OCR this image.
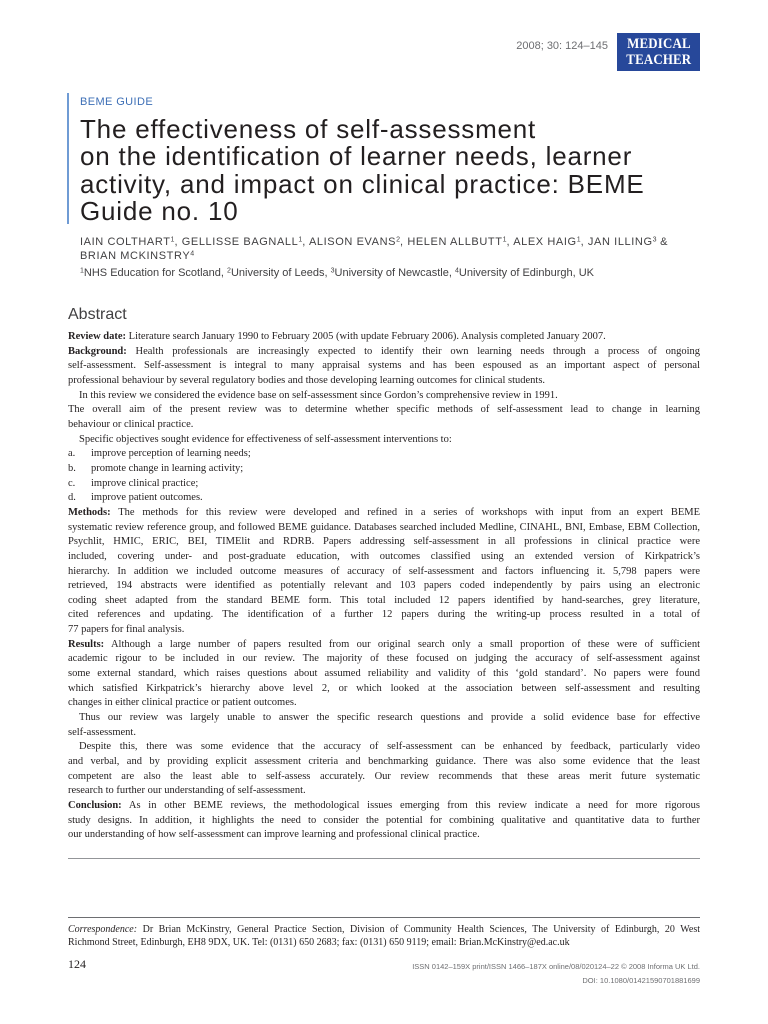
2008; 30: 124–145 MEDICAL
TEACHER
BEME GUIDE
The effectiveness of self-assessment
on the identification of learner needs, learner
activity, and impact on clinical practice: BEME
Guide no. 10
IAIN COLTHART$^1$, GELLISSE BAGNALL$^1$, ALISON EVANS$^2$, HELEN ALLBUTT$^1$, ALEX HAIG$^1$, JAN ILLING$^3$ &
BRIAN MCKINSTRY$^4$
$^1$NHS Education for Scotland, $^2$University of Leeds, $^3$University of Newcastle, $^4$University of Edinburgh, UK
Abstract
Review date: Literature search January 1990 to February 2005 (with update February 2006). Analysis completed January 2007.
Background: Health professionals are increasingly expected to identify their own learning needs through a process of ongoing
self-assessment. Self-assessment is integral to many appraisal systems and has been espoused as an important aspect of personal
professional behaviour by several regulatory bodies and those developing learning outcomes for clinical students.
In this review we considered the evidence base on self-assessment since Gordon’s comprehensive review in 1991.
The overall aim of the present review was to determine whether specific methods of self-assessment lead to change in learning
behaviour or clinical practice.
Specific objectives sought evidence for effectiveness of self-assessment interventions to:
a. improve perception of learning needs;
b. promote change in learning activity;
c. improve clinical practice;
d. improve patient outcomes.
Methods: The methods for this review were developed and refined in a series of workshops with input from an expert BEME
systematic review reference group, and followed BEME guidance. Databases searched included Medline, CINAHL, BNI, Embase, EBM Collection,
Psychlit, HMIC, ERIC, BEI, TIMElit and RDRB. Papers addressing self-assessment in all professions in clinical practice were
included, covering under- and post-graduate education, with outcomes classified using an extended version of Kirkpatrick’s
hierarchy. In addition we included outcome measures of accuracy of self-assessment and factors influencing it. 5,798 papers were
retrieved, 194 abstracts were identified as potentially relevant and 103 papers coded independently by pairs using an electronic
coding sheet adapted from the standard BEME form. This total included 12 papers identified by hand-searches, grey literature,
cited references and updating. The identification of a further 12 papers during the writing-up process resulted in a total of
77 papers for final analysis.
Results: Although a large number of papers resulted from our original search only a small proportion of these were of sufficient
academic rigour to be included in our review. The majority of these focused on judging the accuracy of self-assessment against
some external standard, which raises questions about assumed reliability and validity of this ‘gold standard’. No papers were found
which satisfied Kirkpatrick’s hierarchy above level 2, or which looked at the association between self-assessment and resulting
changes in either clinical practice or patient outcomes.
Thus our review was largely unable to answer the specific research questions and provide a solid evidence base for effective
self-assessment.
Despite this, there was some evidence that the accuracy of self-assessment can be enhanced by feedback, particularly video
and verbal, and by providing explicit assessment criteria and benchmarking guidance. There was also some evidence that the least
competent are also the least able to self-assess accurately. Our review recommends that these areas merit future systematic
research to further our understanding of self-assessment.
Conclusion: As in other BEME reviews, the methodological issues emerging from this review indicate a need for more rigorous
study designs. In addition, it highlights the need to consider the potential for combining qualitative and quantitative data to further
our understanding of how self-assessment can improve learning and professional clinical practice.
Correspondence: Dr Brian McKinstry, General Practice Section, Division of Community Health Sciences, The University of Edinburgh, 20 West
Richmond Street, Edinburgh, EH8 9DX, UK. Tel: (0131) 650 2683; fax: (0131) 650 9119; email: Brian.McKinstry@ed.ac.uk
124	ISSN 0142–159X print/ISSN 1466–187X online/08/020124–22 © 2008 Informa UK Ltd.
DOI: 10.1080/01421590701881699
